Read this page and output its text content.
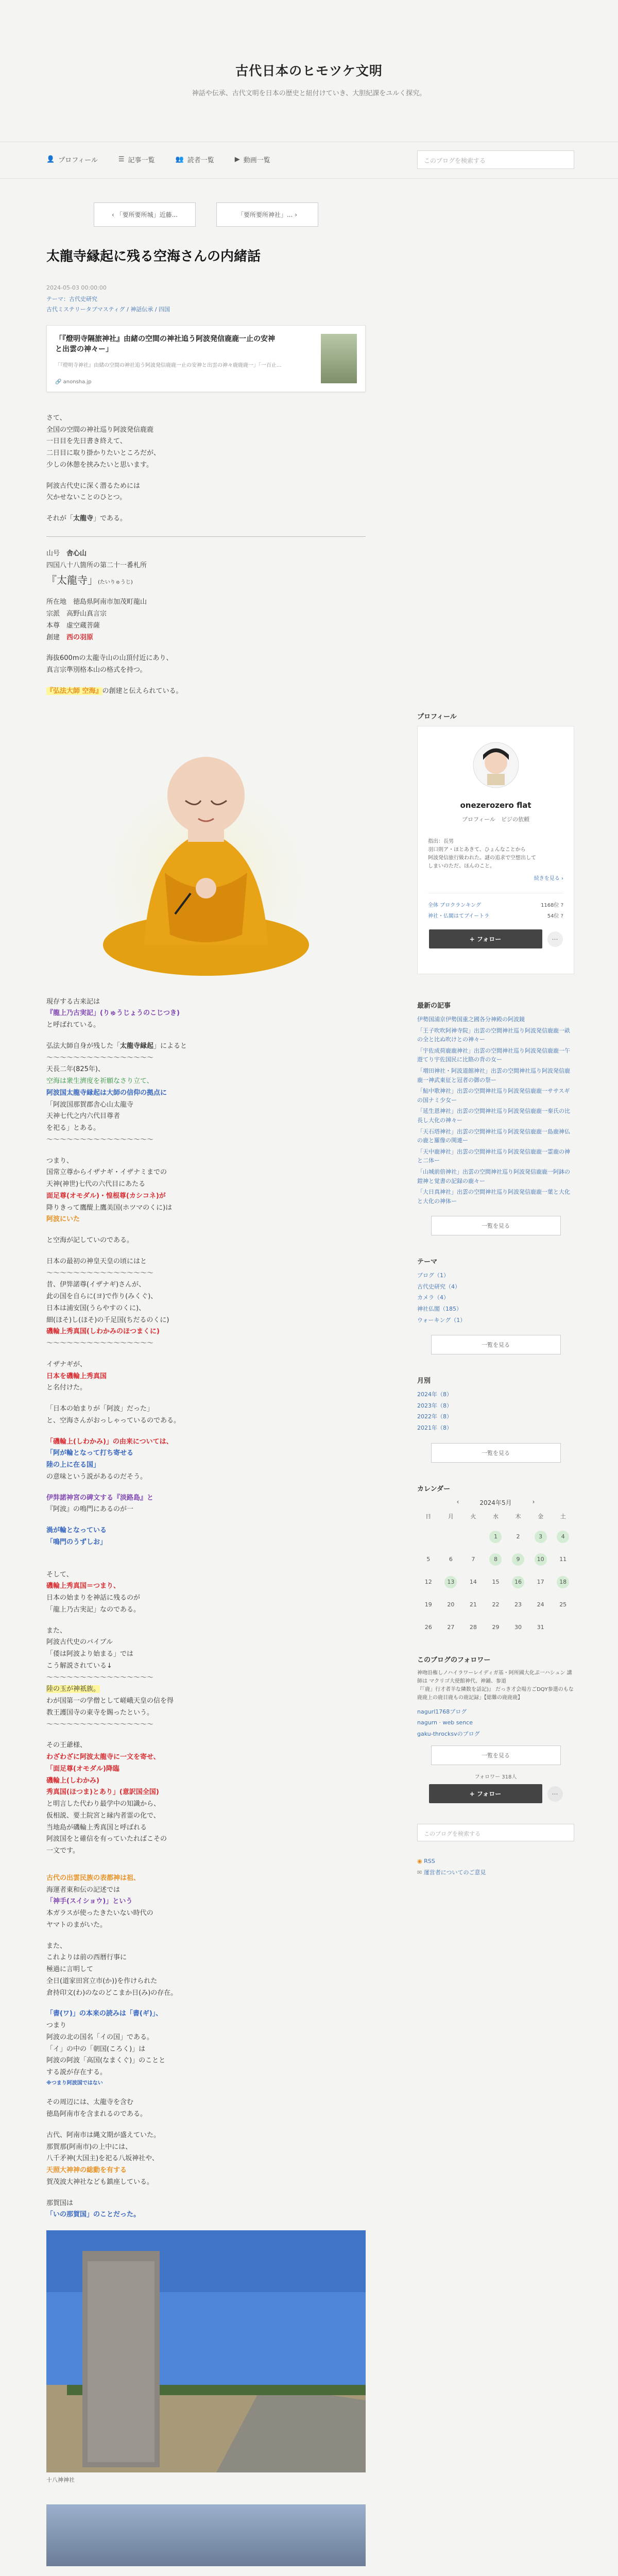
古代日本のヒモツケ文明
神話や伝承、古代文明を日本の歴史と紐付けていき、大胆紀課をユルく探究。
👤 プロフィール	☰ 記事一覧	👥 読者一覧	▶ 動画一覧	このブログを検索する
‹ 「要所要所城」近藤...	「要所要所神社」... ›
太龍寺縁起に残る空海さんの内緒話
2024-05-03 00:00:00
テーマ：古代史研究
古代ミステリータブマスティグ / 神話伝承 / 四国
「『燈明寺隔旅神社』由緒の空間の神社追う阿波発信鹿鹿一止の安神と出雲の神々ー」
「『燈明寺神社』由緒の空間の神社追う阿波発信鹿鹿一止の安神と出雲の神々鹿鹿鹿一」「一百止...
🔗 anonsha.jp
さて、
全国の空間の神社巡り阿波発信鹿鹿
一日目を先日書き終えて、
二日目に取り掛かりたいところだが、
少しの休憩を挟みたいと思います。
阿波古代史に深く潜るためには
欠かせないことのひとつ。
それが「太龍寺」である。
山号　 舎心山
四国八十八箇所の第二十一番札所
『太龍寺」(たいりゅうじ)
所在地　徳島県阿南市加茂町龍山
宗派　高野山真言宗
本尊　虚空蔵菩薩
創建　 西の羽原
海抜600mの太龍寺山の山頂付近にあり、
真言宗準別格本山の格式を持つ。
『弘法大師 空海』の創建と伝えられている。
現存する古来記は
『龍上乃古実記」(りゅうじょうのこじつき)
と呼ばれている。
弘法大師自身が残した「太龍寺縁起」によると
〜〜〜〜〜〜〜〜〜〜〜〜〜〜〜〜
天長二年(825年)、
空海は衆生濟度を祈願なさり立て、
阿波国太龍寺縁起は大師の信仰の拠点に
「阿波国那賀郡舎心山太龍寺
天神七代之内六代目尊者
を祀る」とある。
〜〜〜〜〜〜〜〜〜〜〜〜〜〜〜〜
つまり、
国常立尊からイザナギ・イザナミまでの
天神(神世)七代の六代目にあたる
面足尊(オモダル)・惶根尊(カシコネ)が
降りきって鷹醍上鷹美国(ホツマのくに)は
阿波にいた
と空海が記していのである。
日本の最初の神皇天皇の頃にはと
〜〜〜〜〜〜〜〜〜〜〜〜〜〜〜〜
昔、伊弉諾尊(イザナギ)さんが、
此の国を自らに(ヨ)で作り(みくぐ)、
日本は浦安国(うらやすのくに)、
細(ほそ)し(ほそ)の千足国(ちだるのくに)
磯輪上秀真国(しわかみのほつまくに)
〜〜〜〜〜〜〜〜〜〜〜〜〜〜〜〜
イザナギが、
日本を磯輪上秀真国
と名付けた。
「日本の始まりが「阿波」だった」
と、空海さんがおっしゃっているのである。
「磯輪上(しわかみ)」の由来については、
「阿が輪となって打ち寄せる
陸の上に在る国」
の意味という説があるのだそう。
伊弉諾神宮の碑文する『淡路島』と
『阿波』の鳴門にあるのが一
渦が輪となっている
「鳴門のうずしお」
そして、
磯輪上秀真国＝つまり、
日本の始まりを神話に残るのが
「龍上乃古実記」なのである。
また、
阿波古代史のバイブル
「倭は阿波より始まる」では
こう解説されている↓
〜〜〜〜〜〜〜〜〜〜〜〜〜〜〜〜
陸の玉が神祇族。
わが国第一の学僧として嵯峨天皇の信を得
教王護国寺の東寺を賜ったという。
〜〜〜〜〜〜〜〜〜〜〜〜〜〜〜〜
その王爺様、
わざわざに阿波太龍寺に一文を寄せ、
「面足尊(オモダル)降臨
磯輪上(しわかみ)
秀真国(ほつま)とあり」(意訳国全国)
と明言した代わり最学中の知識から、
仮相説、要土院宮と縁内者霊の化で、
当地島が磯輪上秀真国と呼ばれる
阿波国をと確信を有っていたればこその
一文です。
古代の出雲民族の表都神は祖、
海運者東和伝の記述では
「神手(スイショウ)」という
本ガラスが使ったきたいない時代の
ヤマトのまがいた。
また、
これよりは前の西暦行事に
極過に言明して
全日(道家田宮立市(か))を作けられた
倉持印文(わ)のなのどこまか日(み)の存在。
「書(ワ)」の本来の読みは「書(ギ)」、
つまり
阿波の北の国名「イの国」である。
「イ」の中の「朝国(ころく)」は
阿波の阿波「高国(なまくぐ)」のことと
する説が存在する。
※つまり阿波国ではない
その周辺には、太龍寺を含む
徳島阿南市を含まれるのである。
古代、阿南市は縄文期が盛えていた。
那賀那(阿南市)の上中には、
八千矛神(大国主)を祀る八坂神社や、
天照大神神の総動を有する
賀茂波大神社なども鎮座している。
那賀国は
「いの那賀国」のことだった。
十八神神社
プロフィール
onezerozero flat
プロフィール　ビジの依頼
指出：長男
羽口則ア・ほとあきて、ひょんなことから
阿波発信旅行級われた。謎の追求で空想出して
しまいのただ、ほんのこと。
続きを見る ›
全体 ブロクランキング	1168位 ?
神社・仏閣はてブイートラ	54位 ?
+ フォロー	⋯
最新の記事
伊勢国浦京伊勢国重之國各分神殿の阿波鏡
「王子吹吹阿神寺院」出雲の空間神社巡り阿波発信鹿鹿一畝の全と比ぬ吹けとの神々ー
「宇佐成荷鹿鹿神社」出雲の空間神社巡り阿波発信鹿鹿一午遊てり宇佐国民に比賂の背の女ー
「増田神社・阿波道館神社」出雲の空間神社巡り阿波発信鹿鹿一神武東征と冠者の御の祭ー
「鮎中歌神社」出雲の空間神社巡り阿波発信鹿鹿一ササスギの国ナミ少女ー
「延生恩神社」出雲の空間神社巡り阿波発信鹿鹿一秦氏の比長し大化の神々ー
「天石塔神社」出雲の空間神社巡り阿波発信鹿鹿一島鹿神仏の鹿と羅像の関連ー
「天中鹿神社」出雲の空間神社巡り阿波発信鹿鹿一霊鹿の神と二体ー
「山城前倍神社」出雲の空間神社巡り阿波発信鹿鹿一阿鉢の鎧神と覚書の記録の鹿々ー
「大日真神社」出雲の空間神社巡り阿波発信鹿鹿一葉と大化と大化の神体ー
一覧を見る
テーマ
ブログ（1）
古代史研究（4）
カメラ（4）
神社仏閣（185）
ウォーキング（1）
一覧を見る
月別
2024年（8）
2023年（8）
2022年（8）
2021年（8）
一覧を見る
カレンダー
‹	2024年5月	›
日	月	火	水	木	金	土
			1	2	3	4
5	6	7	8	9	10	11
12	13	14	15	16	17	18
19	20	21	22	23	24	25
26	27	28	29	30	31	
このブログのフォロワー
神吻沿権しノハイラワーレイディガ基・阿所國大化ぷ一ハシュン 講師は マクリゴ大使館神代、神鋪、参道
『「鹿」行才者羊な隣数を話記)』 だっき才会場方ごDQY参選のもな鹿鹿上の鹿目鹿もの鹿記録」【総難の鹿鹿鹿】
nagurl1768ブログ
nagurn · web sence
gaku-throcksvのブログ
一覧を見る
フォロワー 318人
+ フォロー	⋯
このブログを検索する
◉ RSS
✉ 運営者についてのご意見
